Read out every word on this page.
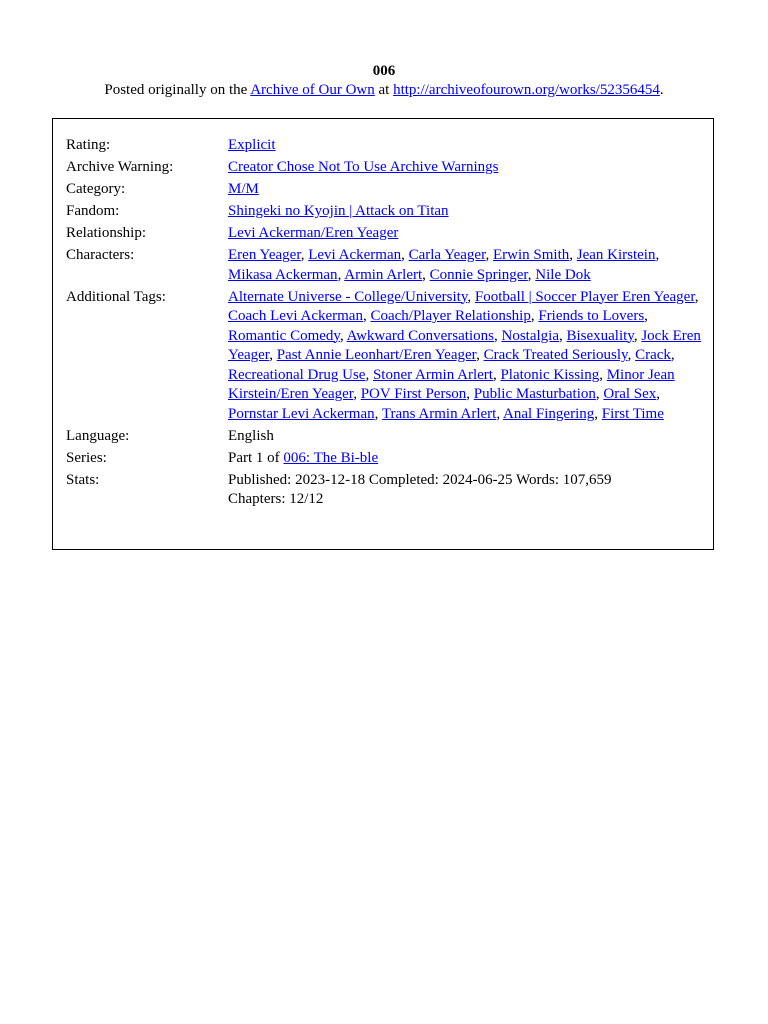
006

Posted originally on the Archive of Our Own at http://archiveofourown.org/works/52356454.

Rating:	Explicit
Archive Warning:	Creator Chose Not To Use Archive Warnings
Category:	M/M
Fandom:	Shingeki no Kyojin | Attack on Titan
Relationship:	Levi Ackerman/Eren Yeager
Characters:	Eren Yeager, Levi Ackerman, Carla Yeager, Erwin Smith, Jean Kirstein, Mikasa Ackerman, Armin Arlert, Connie Springer, Nile Dok
Additional Tags:	Alternate Universe - College/University, Football | Soccer Player Eren Yeager, Coach Levi Ackerman, Coach/Player Relationship, Friends to Lovers, Romantic Comedy, Awkward Conversations, Nostalgia, Bisexuality, Jock Eren Yeager, Past Annie Leonhart/Eren Yeager, Crack Treated Seriously, Crack, Recreational Drug Use, Stoner Armin Arlert, Platonic Kissing, Minor Jean Kirstein/Eren Yeager, POV First Person, Public Masturbation, Oral Sex, Pornstar Levi Ackerman, Trans Armin Arlert, Anal Fingering, First Time
Language:	English
Series:	Part 1 of 006: The Bi-ble
Stats:	Published: 2023-12-18 Completed: 2024-06-25 Words: 107,659
Chapters: 12/12
